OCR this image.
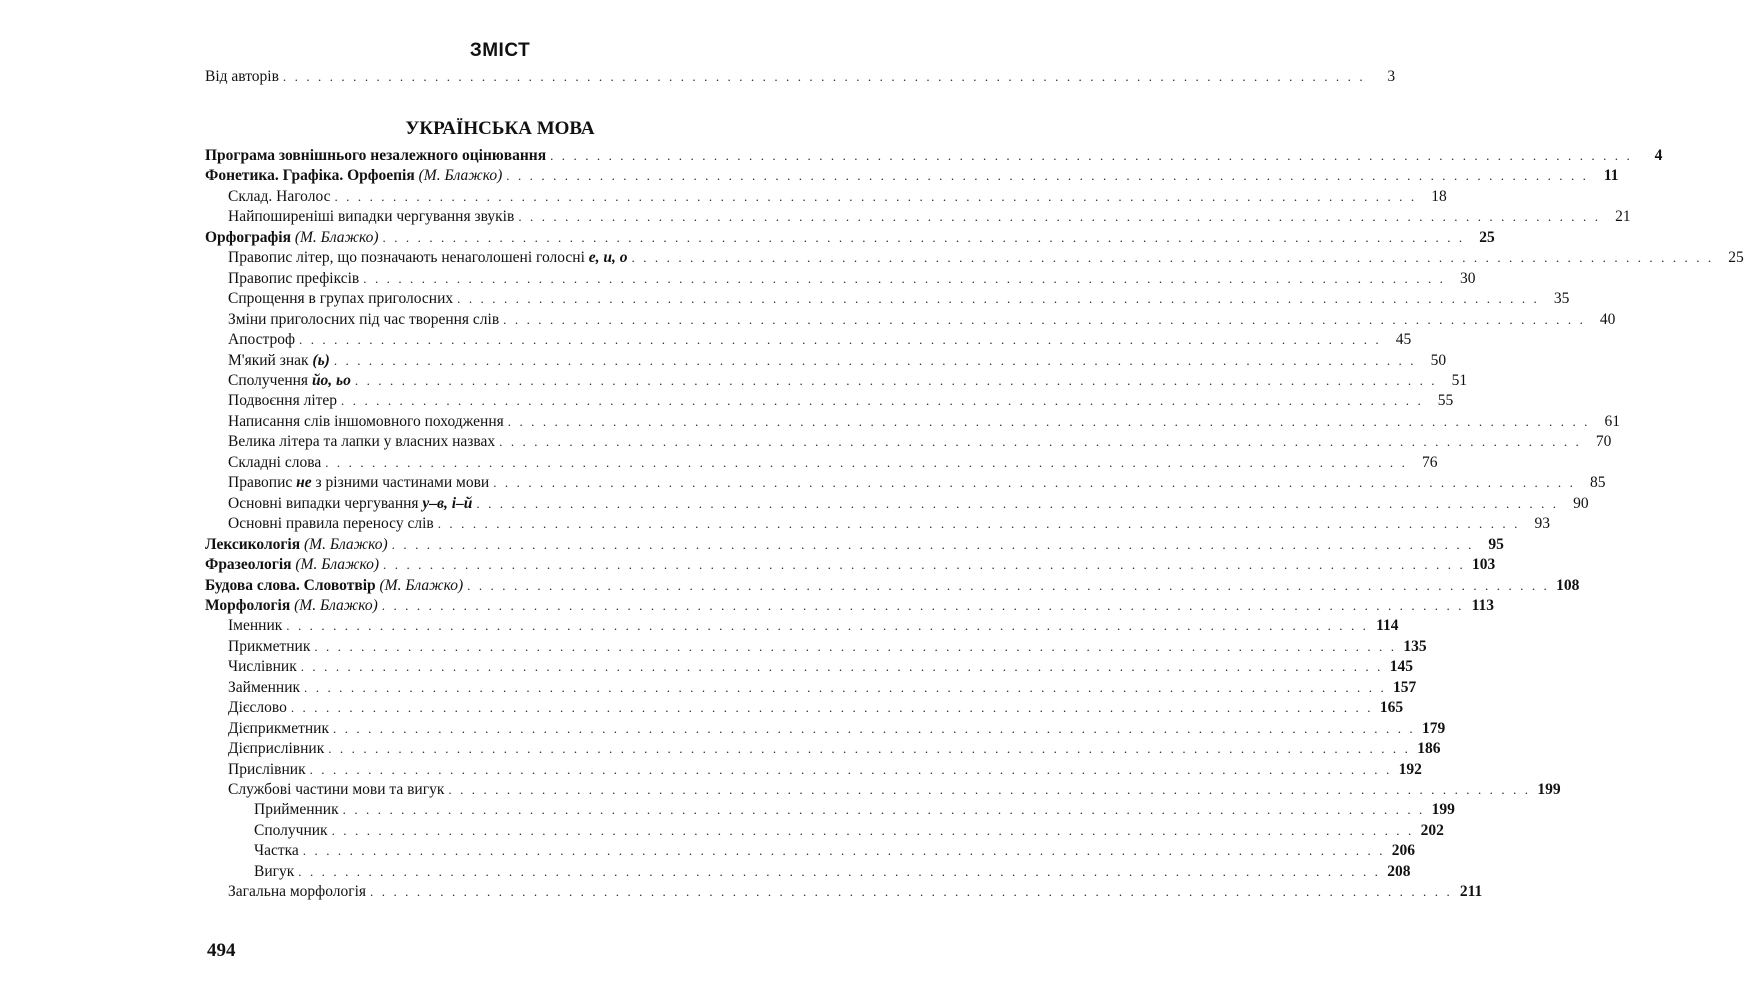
ЗМІСТ
Від авторів . . . . . . . . . . . . . . . . . . . . . . . . . . . . . . . . . . . . . . . . . . . . . . . . . . . . . . . . . . . . . . . . . . . . . . . . . . . . . . . . . . . . . . . . . . . . .	3
УКРАЇНСЬКА МОВА
Програма зовнішнього незалежного оцінювання . . . . . . . . . . . . . . . . . . . . . . . . . . . . . . . . . . . . . . . . . . . . . . . . . . . . . . . . . . . . . . . . . . . . . . . . . . . . . . . . . . . . . . . . . . . . .	4
Фонетика. Графіка. Орфоепія (М. Блажко) . . . . . . . . . . . . . . . . . . . . . . . . . . . . . . . . . . . . . . . . . . . . . . . . . . . . . . . . . . . . . . . . . . . . . . . . . . . . . . . . . . . . . . . . . . . . . 11
Склад. Наголос . . . . . . . . . . . . . . . . . . . . . . . . . . . . . . . . . . . . . . . . . . . . . . . . . . . . . . . . . . . . . . . . . . . . . . . . . . . . . . . . . . . . . . . . . . . . . 18
Найпоширеніші випадки чергування звуків . . . . . . . . . . . . . . . . . . . . . . . . . . . . . . . . . . . . . . . . . . . . . . . . . . . . . . . . . . . . . . . . . . . . . . . . . . . . . . . . . . . . . . . . . . . . . 21
Орфографія (М. Блажко) . . . . . . . . . . . . . . . . . . . . . . . . . . . . . . . . . . . . . . . . . . . . . . . . . . . . . . . . . . . . . . . . . . . . . . . . . . . . . . . . . . . . . . . . . . . . . 25
Правопис літер, що позначають ненаголошені голосні е, и, о . . . . . . . . . . . . . . . . . . . . . . . . . . . . . . . . . . . . . . . . . . . . . . . . . . . . . . . . . . . . . . . . . . . . . . . . . . . . . . . . . . . . . . . . . . . . . 25
Правопис префіксів . . . . . . . . . . . . . . . . . . . . . . . . . . . . . . . . . . . . . . . . . . . . . . . . . . . . . . . . . . . . . . . . . . . . . . . . . . . . . . . . . . . . . . . . . . . . . 30
Спрощення в групах приголосних . . . . . . . . . . . . . . . . . . . . . . . . . . . . . . . . . . . . . . . . . . . . . . . . . . . . . . . . . . . . . . . . . . . . . . . . . . . . . . . . . . . . . . . . . . . . . 35
Зміни приголосних під час творення слів . . . . . . . . . . . . . . . . . . . . . . . . . . . . . . . . . . . . . . . . . . . . . . . . . . . . . . . . . . . . . . . . . . . . . . . . . . . . . . . . . . . . . . . . . . . . . 40
Апостроф . . . . . . . . . . . . . . . . . . . . . . . . . . . . . . . . . . . . . . . . . . . . . . . . . . . . . . . . . . . . . . . . . . . . . . . . . . . . . . . . . . . . . . . . . . . . . 45
М'який знак (ь) . . . . . . . . . . . . . . . . . . . . . . . . . . . . . . . . . . . . . . . . . . . . . . . . . . . . . . . . . . . . . . . . . . . . . . . . . . . . . . . . . . . . . . . . . . . . . 50
Сполучення йо, ьо . . . . . . . . . . . . . . . . . . . . . . . . . . . . . . . . . . . . . . . . . . . . . . . . . . . . . . . . . . . . . . . . . . . . . . . . . . . . . . . . . . . . . . . . . . . . . 51
Подвоєння літер . . . . . . . . . . . . . . . . . . . . . . . . . . . . . . . . . . . . . . . . . . . . . . . . . . . . . . . . . . . . . . . . . . . . . . . . . . . . . . . . . . . . . . . . . . . . . 55
Написання слів іншомовного походження . . . . . . . . . . . . . . . . . . . . . . . . . . . . . . . . . . . . . . . . . . . . . . . . . . . . . . . . . . . . . . . . . . . . . . . . . . . . . . . . . . . . . . . . . . . . . 61
Велика літера та лапки у власних назвах . . . . . . . . . . . . . . . . . . . . . . . . . . . . . . . . . . . . . . . . . . . . . . . . . . . . . . . . . . . . . . . . . . . . . . . . . . . . . . . . . . . . . . . . . . . . . 70
Складні слова . . . . . . . . . . . . . . . . . . . . . . . . . . . . . . . . . . . . . . . . . . . . . . . . . . . . . . . . . . . . . . . . . . . . . . . . . . . . . . . . . . . . . . . . . . . . . 76
Правопис не з різними частинами мови . . . . . . . . . . . . . . . . . . . . . . . . . . . . . . . . . . . . . . . . . . . . . . . . . . . . . . . . . . . . . . . . . . . . . . . . . . . . . . . . . . . . . . . . . . . . . 85
Основні випадки чергування у–в, і–й . . . . . . . . . . . . . . . . . . . . . . . . . . . . . . . . . . . . . . . . . . . . . . . . . . . . . . . . . . . . . . . . . . . . . . . . . . . . . . . . . . . . . . . . . . . . . 90
Основні правила переносу слів . . . . . . . . . . . . . . . . . . . . . . . . . . . . . . . . . . . . . . . . . . . . . . . . . . . . . . . . . . . . . . . . . . . . . . . . . . . . . . . . . . . . . . . . . . . . . 93
Лексикологія (М. Блажко) . . . . . . . . . . . . . . . . . . . . . . . . . . . . . . . . . . . . . . . . . . . . . . . . . . . . . . . . . . . . . . . . . . . . . . . . . . . . . . . . . . . . . . . . . . . . . 95
Фразеологія (М. Блажко) . . . . . . . . . . . . . . . . . . . . . . . . . . . . . . . . . . . . . . . . . . . . . . . . . . . . . . . . . . . . . . . . . . . . . . . . . . . . . . . . . . . . . . . . . . . . . 103
Будова слова. Словотвір (М. Блажко) . . . . . . . . . . . . . . . . . . . . . . . . . . . . . . . . . . . . . . . . . . . . . . . . . . . . . . . . . . . . . . . . . . . . . . . . . . . . . . . . . . . . . . . . . . . . . 108
Морфологія (М. Блажко) . . . . . . . . . . . . . . . . . . . . . . . . . . . . . . . . . . . . . . . . . . . . . . . . . . . . . . . . . . . . . . . . . . . . . . . . . . . . . . . . . . . . . . . . . . . . . 113
Іменник . . . . . . . . . . . . . . . . . . . . . . . . . . . . . . . . . . . . . . . . . . . . . . . . . . . . . . . . . . . . . . . . . . . . . . . . . . . . . . . . . . . . . . . . . . . . . 114
Прикметник . . . . . . . . . . . . . . . . . . . . . . . . . . . . . . . . . . . . . . . . . . . . . . . . . . . . . . . . . . . . . . . . . . . . . . . . . . . . . . . . . . . . . . . . . . . . . 135
Числівник . . . . . . . . . . . . . . . . . . . . . . . . . . . . . . . . . . . . . . . . . . . . . . . . . . . . . . . . . . . . . . . . . . . . . . . . . . . . . . . . . . . . . . . . . . . . . 145
Займенник . . . . . . . . . . . . . . . . . . . . . . . . . . . . . . . . . . . . . . . . . . . . . . . . . . . . . . . . . . . . . . . . . . . . . . . . . . . . . . . . . . . . . . . . . . . . . 157
Дієслово . . . . . . . . . . . . . . . . . . . . . . . . . . . . . . . . . . . . . . . . . . . . . . . . . . . . . . . . . . . . . . . . . . . . . . . . . . . . . . . . . . . . . . . . . . . . . 165
Дієприкметник . . . . . . . . . . . . . . . . . . . . . . . . . . . . . . . . . . . . . . . . . . . . . . . . . . . . . . . . . . . . . . . . . . . . . . . . . . . . . . . . . . . . . . . . . . . . . 179
Дієприслівник . . . . . . . . . . . . . . . . . . . . . . . . . . . . . . . . . . . . . . . . . . . . . . . . . . . . . . . . . . . . . . . . . . . . . . . . . . . . . . . . . . . . . . . . . . . . . 186
Прислівник . . . . . . . . . . . . . . . . . . . . . . . . . . . . . . . . . . . . . . . . . . . . . . . . . . . . . . . . . . . . . . . . . . . . . . . . . . . . . . . . . . . . . . . . . . . . . 192
Службові частини мови та вигук . . . . . . . . . . . . . . . . . . . . . . . . . . . . . . . . . . . . . . . . . . . . . . . . . . . . . . . . . . . . . . . . . . . . . . . . . . . . . . . . . . . . . . . . . . . . . 199
Прийменник . . . . . . . . . . . . . . . . . . . . . . . . . . . . . . . . . . . . . . . . . . . . . . . . . . . . . . . . . . . . . . . . . . . . . . . . . . . . . . . . . . . . . . . . . . . . . 199
Сполучник . . . . . . . . . . . . . . . . . . . . . . . . . . . . . . . . . . . . . . . . . . . . . . . . . . . . . . . . . . . . . . . . . . . . . . . . . . . . . . . . . . . . . . . . . . . . . 202
Частка . . . . . . . . . . . . . . . . . . . . . . . . . . . . . . . . . . . . . . . . . . . . . . . . . . . . . . . . . . . . . . . . . . . . . . . . . . . . . . . . . . . . . . . . . . . . . 206
Вигук . . . . . . . . . . . . . . . . . . . . . . . . . . . . . . . . . . . . . . . . . . . . . . . . . . . . . . . . . . . . . . . . . . . . . . . . . . . . . . . . . . . . . . . . . . . . . 208
Загальна морфологія . . . . . . . . . . . . . . . . . . . . . . . . . . . . . . . . . . . . . . . . . . . . . . . . . . . . . . . . . . . . . . . . . . . . . . . . . . . . . . . . . . . . . . . . . . . . . 211
494
